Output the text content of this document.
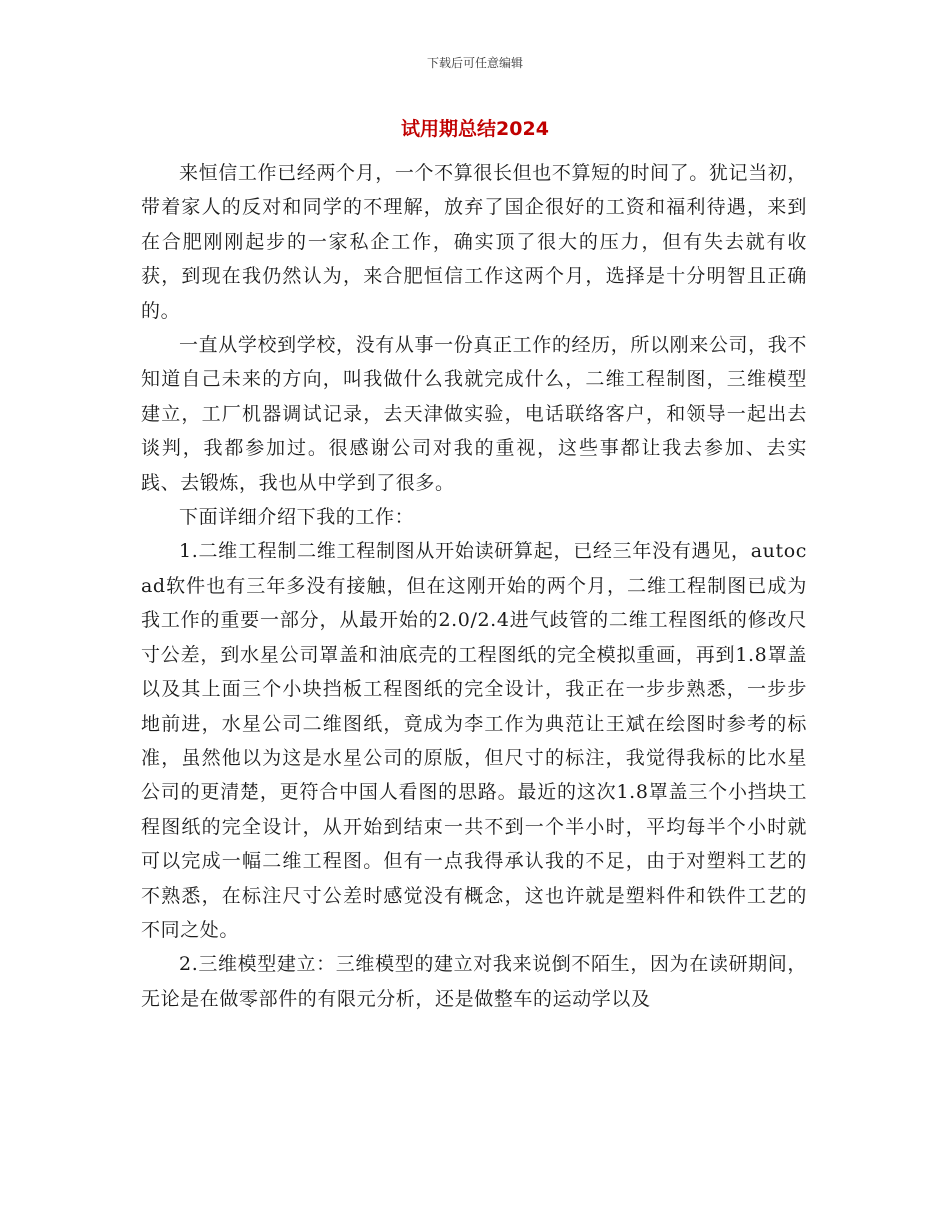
下载后可任意编辑
试用期总结2024

来恒信工作已经两个月，一个不算很长但也不算短的时间了。犹记当初，带着家人的反对和同学的不理解，放弃了国企很好的工资和福利待遇，来到在合肥刚刚起步的一家私企工作，确实顶了很大的压力，但有失去就有收获，到现在我仍然认为，来合肥恒信工作这两个月，选择是十分明智且正确的。

一直从学校到学校，没有从事一份真正工作的经历，所以刚来公司，我不知道自己未来的方向，叫我做什么我就完成什么，二维工程制图，三维模型建立，工厂机器调试记录，去天津做实验，电话联络客户，和领导一起出去谈判，我都参加过。很感谢公司对我的重视，这些事都让我去参加、去实践、去锻炼，我也从中学到了很多。

下面详细介绍下我的工作：

1.二维工程制二维工程制图从开始读研算起，已经三年没有遇见，autocad软件也有三年多没有接触，但在这刚开始的两个月，二维工程制图已成为我工作的重要一部分，从最开始的2.0/2.4进气歧管的二维工程图纸的修改尺寸公差，到水星公司罩盖和油底壳的工程图纸的完全模拟重画，再到1.8罩盖以及其上面三个小块挡板工程图纸的完全设计，我正在一步步熟悉，一步步地前进，水星公司二维图纸，竟成为李工作为典范让王斌在绘图时参考的标准，虽然他以为这是水星公司的原版，但尺寸的标注，我觉得我标的比水星公司的更清楚，更符合中国人看图的思路。最近的这次1.8罩盖三个小挡块工程图纸的完全设计，从开始到结束一共不到一个半小时，平均每半个小时就可以完成一幅二维工程图。但有一点我得承认我的不足，由于对塑料工艺的不熟悉，在标注尺寸公差时感觉没有概念，这也许就是塑料件和铁件工艺的不同之处。

2.三维模型建立：三维模型的建立对我来说倒不陌生，因为在读研期间，无论是在做零部件的有限元分析，还是做整车的运动学以及
